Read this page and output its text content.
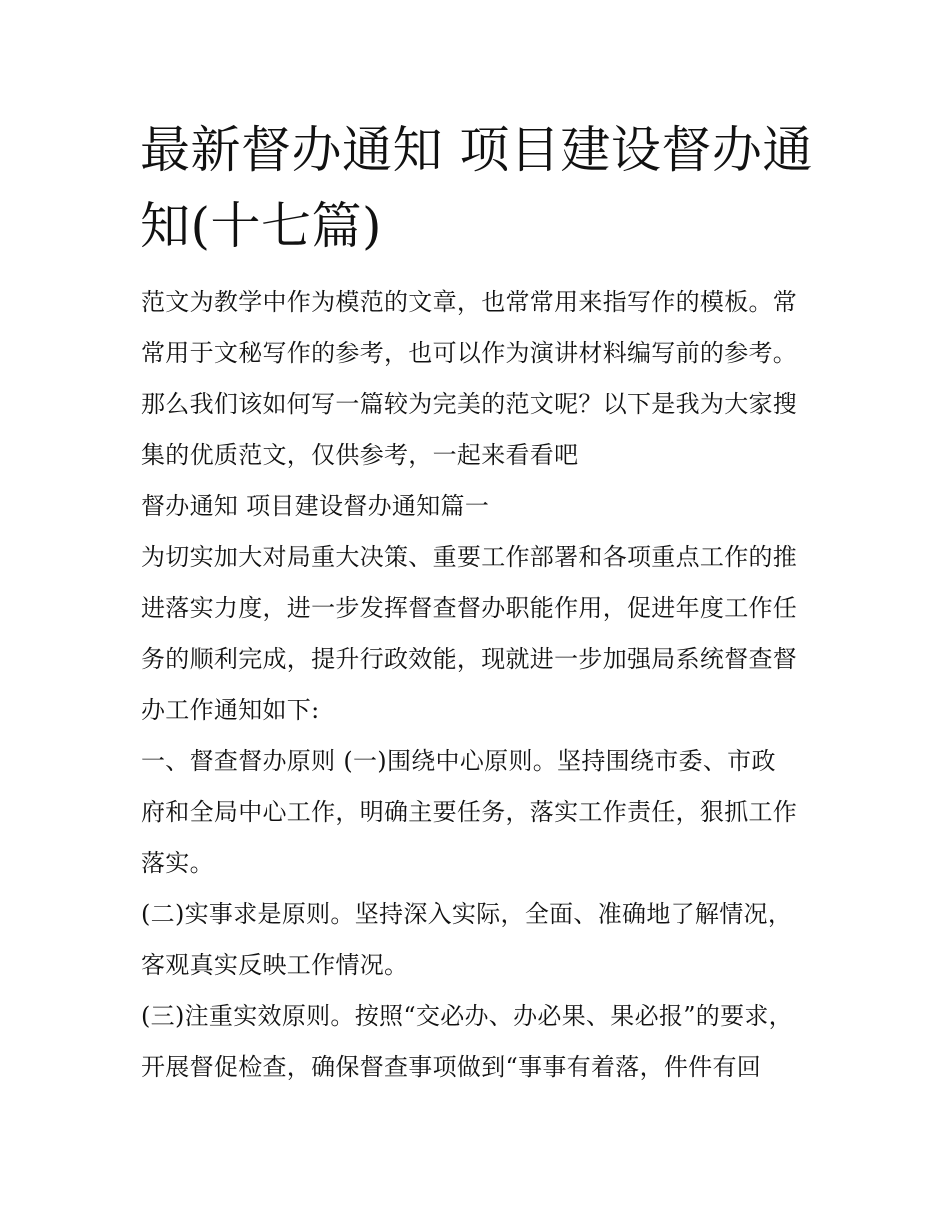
最新督办通知 项目建设督办通
知(十七篇)
范文为教学中作为模范的文章，也常常用来指写作的模板。常
常用于文秘写作的参考，也可以作为演讲材料编写前的参考。
那么我们该如何写一篇较为完美的范文呢？以下是我为大家搜
集的优质范文，仅供参考，一起来看看吧
督办通知 项目建设督办通知篇一
为切实加大对局重大决策、重要工作部署和各项重点工作的推
进落实力度，进一步发挥督查督办职能作用，促进年度工作任
务的顺利完成，提升行政效能，现就进一步加强局系统督查督
办工作通知如下:
一、督查督办原则 (一)围绕中心原则。坚持围绕市委、市政
府和全局中心工作，明确主要任务，落实工作责任，狠抓工作
落实。
(二)实事求是原则。坚持深入实际，全面、准确地了解情况，
客观真实反映工作情况。
(三)注重实效原则。按照“交必办、办必果、果必报”的要求，
开展督促检查，确保督查事项做到“事事有着落，件件有回
